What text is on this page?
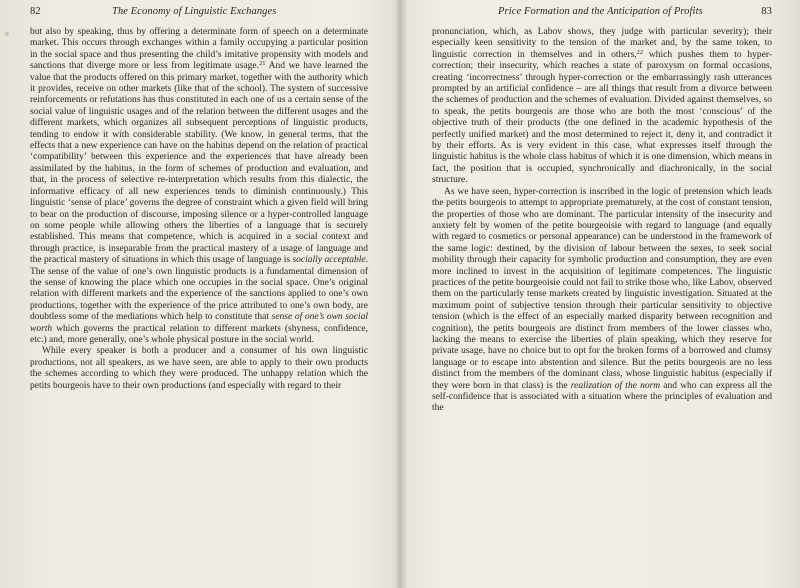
82	The Economy of Linguistic Exchanges

but also by speaking, thus by offering a determinate form of speech on a determinate market. This occurs through exchanges within a family occupying a particular position in the social space and thus presenting the child’s imitative propensity with models and sanctions that diverge more or less from legitimate usage.$^{21}$ And we have learned the value that the products offered on this primary market, together with the authority which it provides, receive on other markets (like that of the school). The system of successive reinforcements or refutations has thus constituted in each one of us a certain sense of the social value of linguistic usages and of the relation between the different usages and the different markets, which organizes all subsequent perceptions of linguistic products, tending to endow it with considerable stability. (We know, in general terms, that the effects that a new experience can have on the habitus depend on the relation of practical ‘compatibility’ between this experience and the experiences that have already been assimilated by the habitus, in the form of schemes of production and evaluation, and that, in the process of selective re-interpretation which results from this dialectic, the informative efficacy of all new experiences tends to diminish continuously.) This linguistic ‘sense of place’ governs the degree of constraint which a given field will bring to bear on the production of discourse, imposing silence or a hyper-controlled language on some people while allowing others the liberties of a language that is securely established. This means that competence, which is acquired in a social context and through practice, is inseparable from the practical mastery of a usage of language and the practical mastery of situations in which this usage of language is socially acceptable. The sense of the value of one’s own linguistic products is a fundamental dimension of the sense of knowing the place which one occupies in the social space. One’s original relation with different markets and the experience of the sanctions applied to one’s own productions, together with the experience of the price attributed to one’s own body, are doubtless some of the mediations which help to constitute that sense of one’s own social worth which governs the practical relation to different markets (shyness, confidence, etc.) and, more generally, one’s whole physical posture in the social world.

While every speaker is both a producer and a consumer of his own linguistic productions, not all speakers, as we have seen, are able to apply to their own products the schemes according to which they were produced. The unhappy relation which the petits bourgeois have to their own productions (and especially with regard to their

Price Formation and the Anticipation of Profits	83

pronunciation, which, as Labov shows, they judge with particular severity); their especially keen sensitivity to the tension of the market and, by the same token, to linguistic correction in themselves and in others,$^{22}$ which pushes them to hyper-correction; their insecurity, which reaches a state of paroxysm on formal occasions, creating ‘incorrectness’ through hyper-correction or the embarrassingly rash utterances prompted by an artificial confidence – are all things that result from a divorce between the schemes of production and the schemes of evaluation. Divided against themselves, so to speak, the petits bourgeois are those who are both the most ‘conscious’ of the objective truth of their products (the one defined in the academic hypothesis of the perfectly unified market) and the most determined to reject it, deny it, and contradict it by their efforts. As is very evident in this case, what expresses itself through the linguistic habitus is the whole class habitus of which it is one dimension, which means in fact, the position that is occupied, synchronically and diachronically, in the social structure.

As we have seen, hyper-correction is inscribed in the logic of pretension which leads the petits bourgeois to attempt to appropriate prematurely, at the cost of constant tension, the properties of those who are dominant. The particular intensity of the insecurity and anxiety felt by women of the petite bourgeoisie with regard to language (and equally with regard to cosmetics or personal appearance) can be understood in the framework of the same logic: destined, by the division of labour between the sexes, to seek social mobility through their capacity for symbolic production and consumption, they are even more inclined to invest in the acquisition of legitimate competences. The linguistic practices of the petite bourgeoisie could not fail to strike those who, like Labov, observed them on the particularly tense markets created by linguistic investigation. Situated at the maximum point of subjective tension through their particular sensitivity to objective tension (which is the effect of an especially marked disparity between recognition and cognition), the petits bourgeois are distinct from members of the lower classes who, lacking the means to exercise the liberties of plain speaking, which they reserve for private usage, have no choice but to opt for the broken forms of a borrowed and clumsy language or to escape into abstention and silence. But the petits bourgeois are no less distinct from the members of the dominant class, whose linguistic habitus (especially if they were born in that class) is the realization of the norm and who can express all the self-confidence that is associated with a situation where the principles of evaluation and the
